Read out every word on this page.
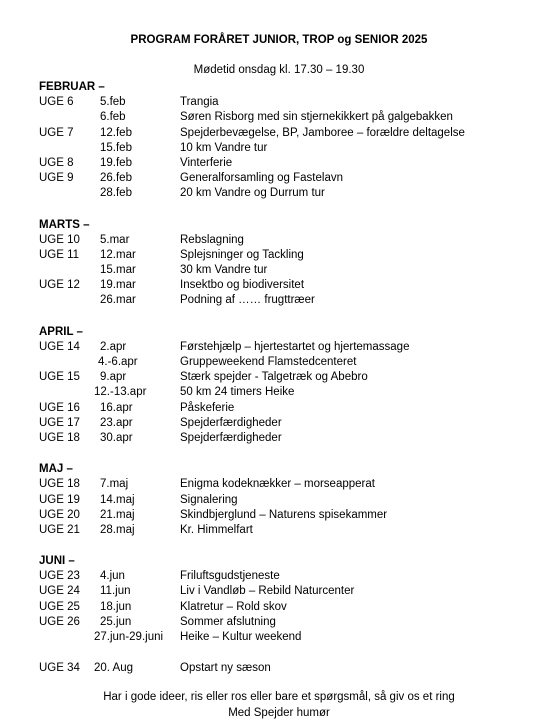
PROGRAM FORÅRET JUNIOR, TROP og SENIOR 2025
Mødetid onsdag kl. 17.30 – 19.30
FEBRUAR –
UGE 6 5.feb	Trangia
6.feb	Søren Risborg med sin stjernekikkert på galgebakken
UGE 7 12.feb	Spejderbevægelse, BP, Jamboree – forældre deltagelse
15.feb	10 km Vandre tur
UGE 8 19.feb	Vinterferie
UGE 9 26.feb	Generalforsamling og Fastelavn
28.feb	20 km Vandre og Durrum tur
MARTS –
UGE 10 5.mar	Rebslagning
UGE 11 12.mar	Splejsninger og Tackling
15.mar	30 km Vandre tur
UGE 12 19.mar	Insektbo og biodiversitet
26.mar	Podning af …… frugttræer
APRIL –
UGE 14 2.apr	Førstehjælp – hjertestartet og hjertemassage
4.-6.apr	Gruppeweekend Flamstedcenteret
UGE 15 9.apr	Stærk spejder - Talgetræk og Abebro
12.-13.apr	50 km 24 timers Heike
UGE 16 16.apr	Påskeferie
UGE 17 23.apr	Spejderfærdigheder
UGE 18 30.apr	Spejderfærdigheder
MAJ –
UGE 18 7.maj	Enigma kodeknækker – morseapperat
UGE 19 14.maj	Signalering
UGE 20 21.maj	Skindbjerglund – Naturens spisekammer
UGE 21 28.maj	Kr. Himmelfart
JUNI –
UGE 23 4.jun	Friluftsgudstjeneste
UGE 24 11.jun	Liv i Vandløb – Rebild Naturcenter
UGE 25 18.jun	Klatretur – Rold skov
UGE 26 25.jun	Sommer afslutning
27.jun-29.juni Heike – Kultur weekend
UGE 34 20. Aug	Opstart ny sæson
Har i gode ideer, ris eller ros eller bare et spørgsmål, så giv os et ring
Med Spejder humør
